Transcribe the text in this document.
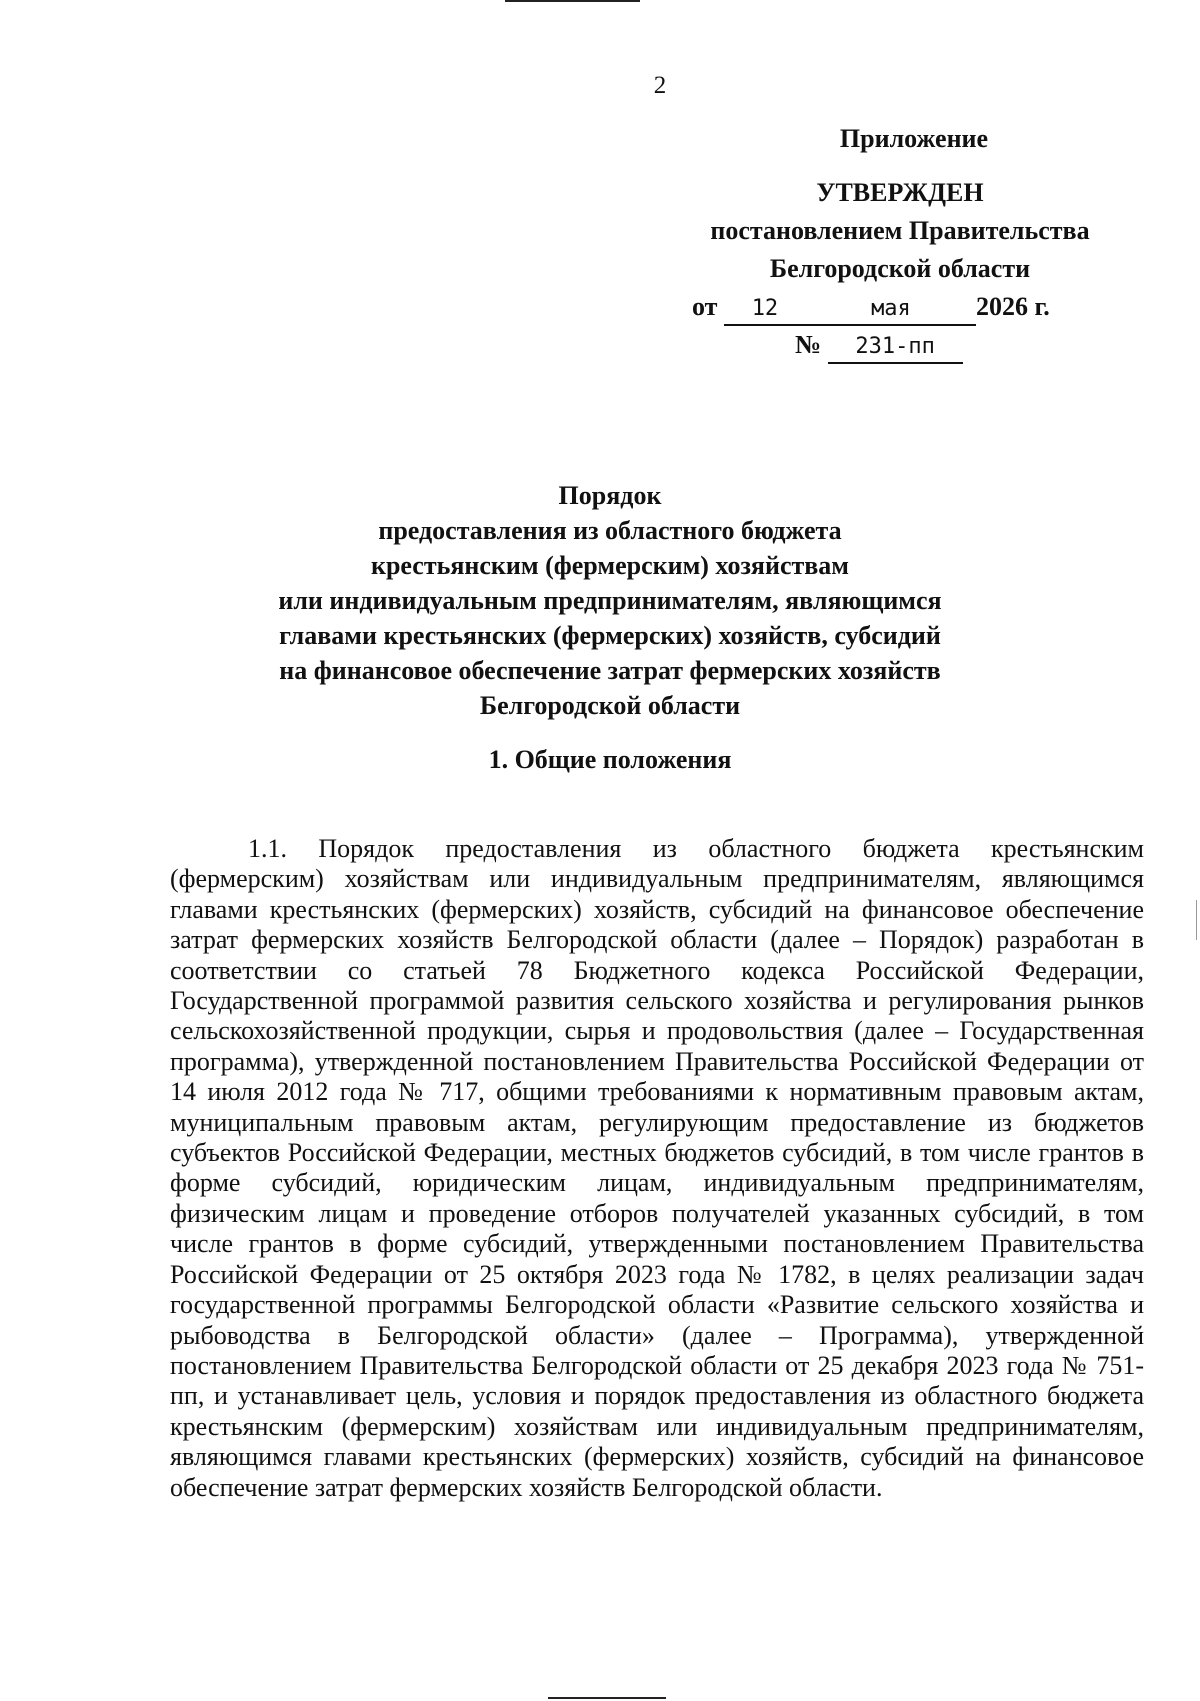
2
Приложение
УТВЕРЖДЕН
постановлением Правительства
Белгородской области
от 12	мая	2026 г.
№ 231-пп
Порядок
предоставления из областного бюджета
крестьянским (фермерским) хозяйствам
или индивидуальным предпринимателям, являющимся
главами крестьянских (фермерских) хозяйств, субсидий
на финансовое обеспечение затрат фермерских хозяйств
Белгородской области
1. Общие положения

1.1. Порядок предоставления из областного бюджета крестьянским (фермерским) хозяйствам или индивидуальным предпринимателям, являющимся главами крестьянских (фермерских) хозяйств, субсидий на финансовое обеспечение затрат фермерских хозяйств Белгородской области (далее – Порядок) разработан в соответствии со статьей 78 Бюджетного кодекса Российской Федерации, Государственной программой развития сельского хозяйства и регулирования рынков сельскохозяйственной продукции, сырья и продовольствия (далее – Государственная программа), утвержденной постановлением Правительства Российской Федерации от 14 июля 2012 года № 717, общими требованиями к нормативным правовым актам, муниципальным правовым актам, регулирующим предоставление из бюджетов субъектов Российской Федерации, местных бюджетов субсидий, в том числе грантов в форме субсидий, юридическим лицам, индивидуальным предпринимателям, физическим лицам и проведение отборов получателей указанных субсидий, в том числе грантов в форме субсидий, утвержденными постановлением Правительства Российской Федерации от 25 октября 2023 года № 1782, в целях реализации задач государственной программы Белгородской области «Развитие сельского хозяйства и рыбоводства в Белгородской области» (далее – Программа), утвержденной постановлением Правительства Белгородской области от 25 декабря 2023 года № 751-пп, и устанавливает цель, условия и порядок предоставления из областного бюджета крестьянским (фермерским) хозяйствам или индивидуальным предпринимателям, являющимся главами крестьянских (фермерских) хозяйств, субсидий на финансовое обеспечение затрат фермерских хозяйств Белгородской области.
